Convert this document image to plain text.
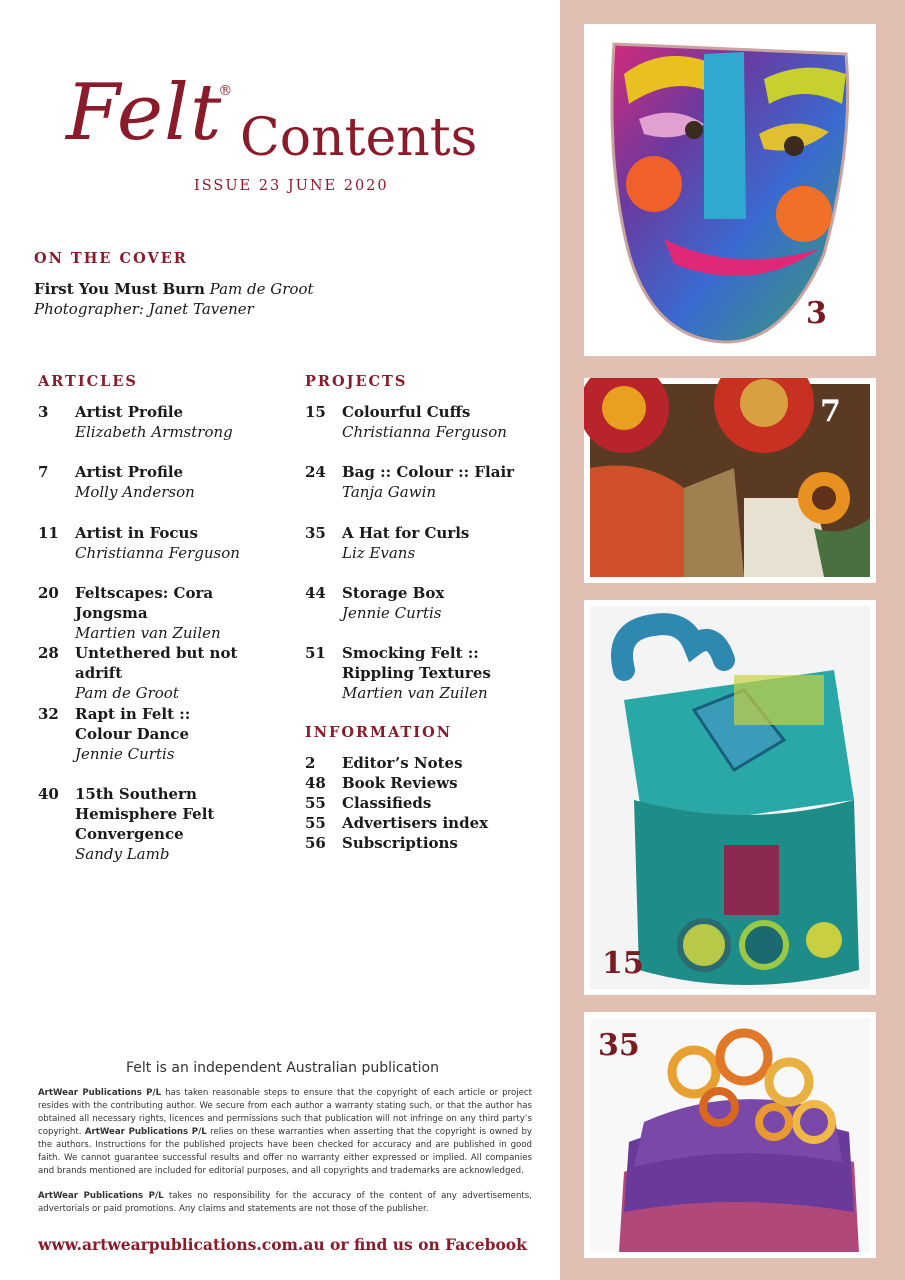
Felt®
Contents
ISSUE 23 JUNE 2020
ON THE COVER
First You Must Burn Pam de Groot
Photographer: Janet Tavener
ARTICLES
3 Artist Profile
Elizabeth Armstrong
7 Artist Profile
Molly Anderson
11 Artist in Focus
Christianna Ferguson
20 Feltscapes: Cora Jongsma
Martien van Zuilen
28 Untethered but not adrift
Pam de Groot
32 Rapt in Felt :: Colour Dance
Jennie Curtis
40 15th Southern Hemisphere Felt Convergence
Sandy Lamb
PROJECTS
15 Colourful Cuffs
Christianna Ferguson
24 Bag :: Colour :: Flair
Tanja Gawin
35 A Hat for Curls
Liz Evans
44 Storage Box
Jennie Curtis
51 Smocking Felt :: Rippling Textures
Martien van Zuilen
INFORMATION
2 Editor’s Notes
48 Book Reviews
55 Classifieds
55 Advertisers index
56 Subscriptions
Felt is an independent Australian publication
ArtWear Publications P/L has taken reasonable steps to ensure that the copyright of each article or project resides with the contributing author. We secure from each author a warranty stating such, or that the author has obtained all necessary rights, licences and permissions such that publication will not infringe on any third party’s copyright. ArtWear Publications P/L relies on these warranties when asserting that the copyright is owned by the authors. Instructions for the published projects have been checked for accuracy and are published in good faith. We cannot guarantee successful results and offer no warranty either expressed or implied. All companies and brands mentioned are included for editorial purposes, and all copyrights and trademarks are acknowledged.
ArtWear Publications P/L takes no responsibility for the accuracy of the content of any advertisements, advertorials or paid promotions. Any claims and statements are not those of the publisher.
www.artwearpublications.com.au or find us on Facebook
3
7
15
35
